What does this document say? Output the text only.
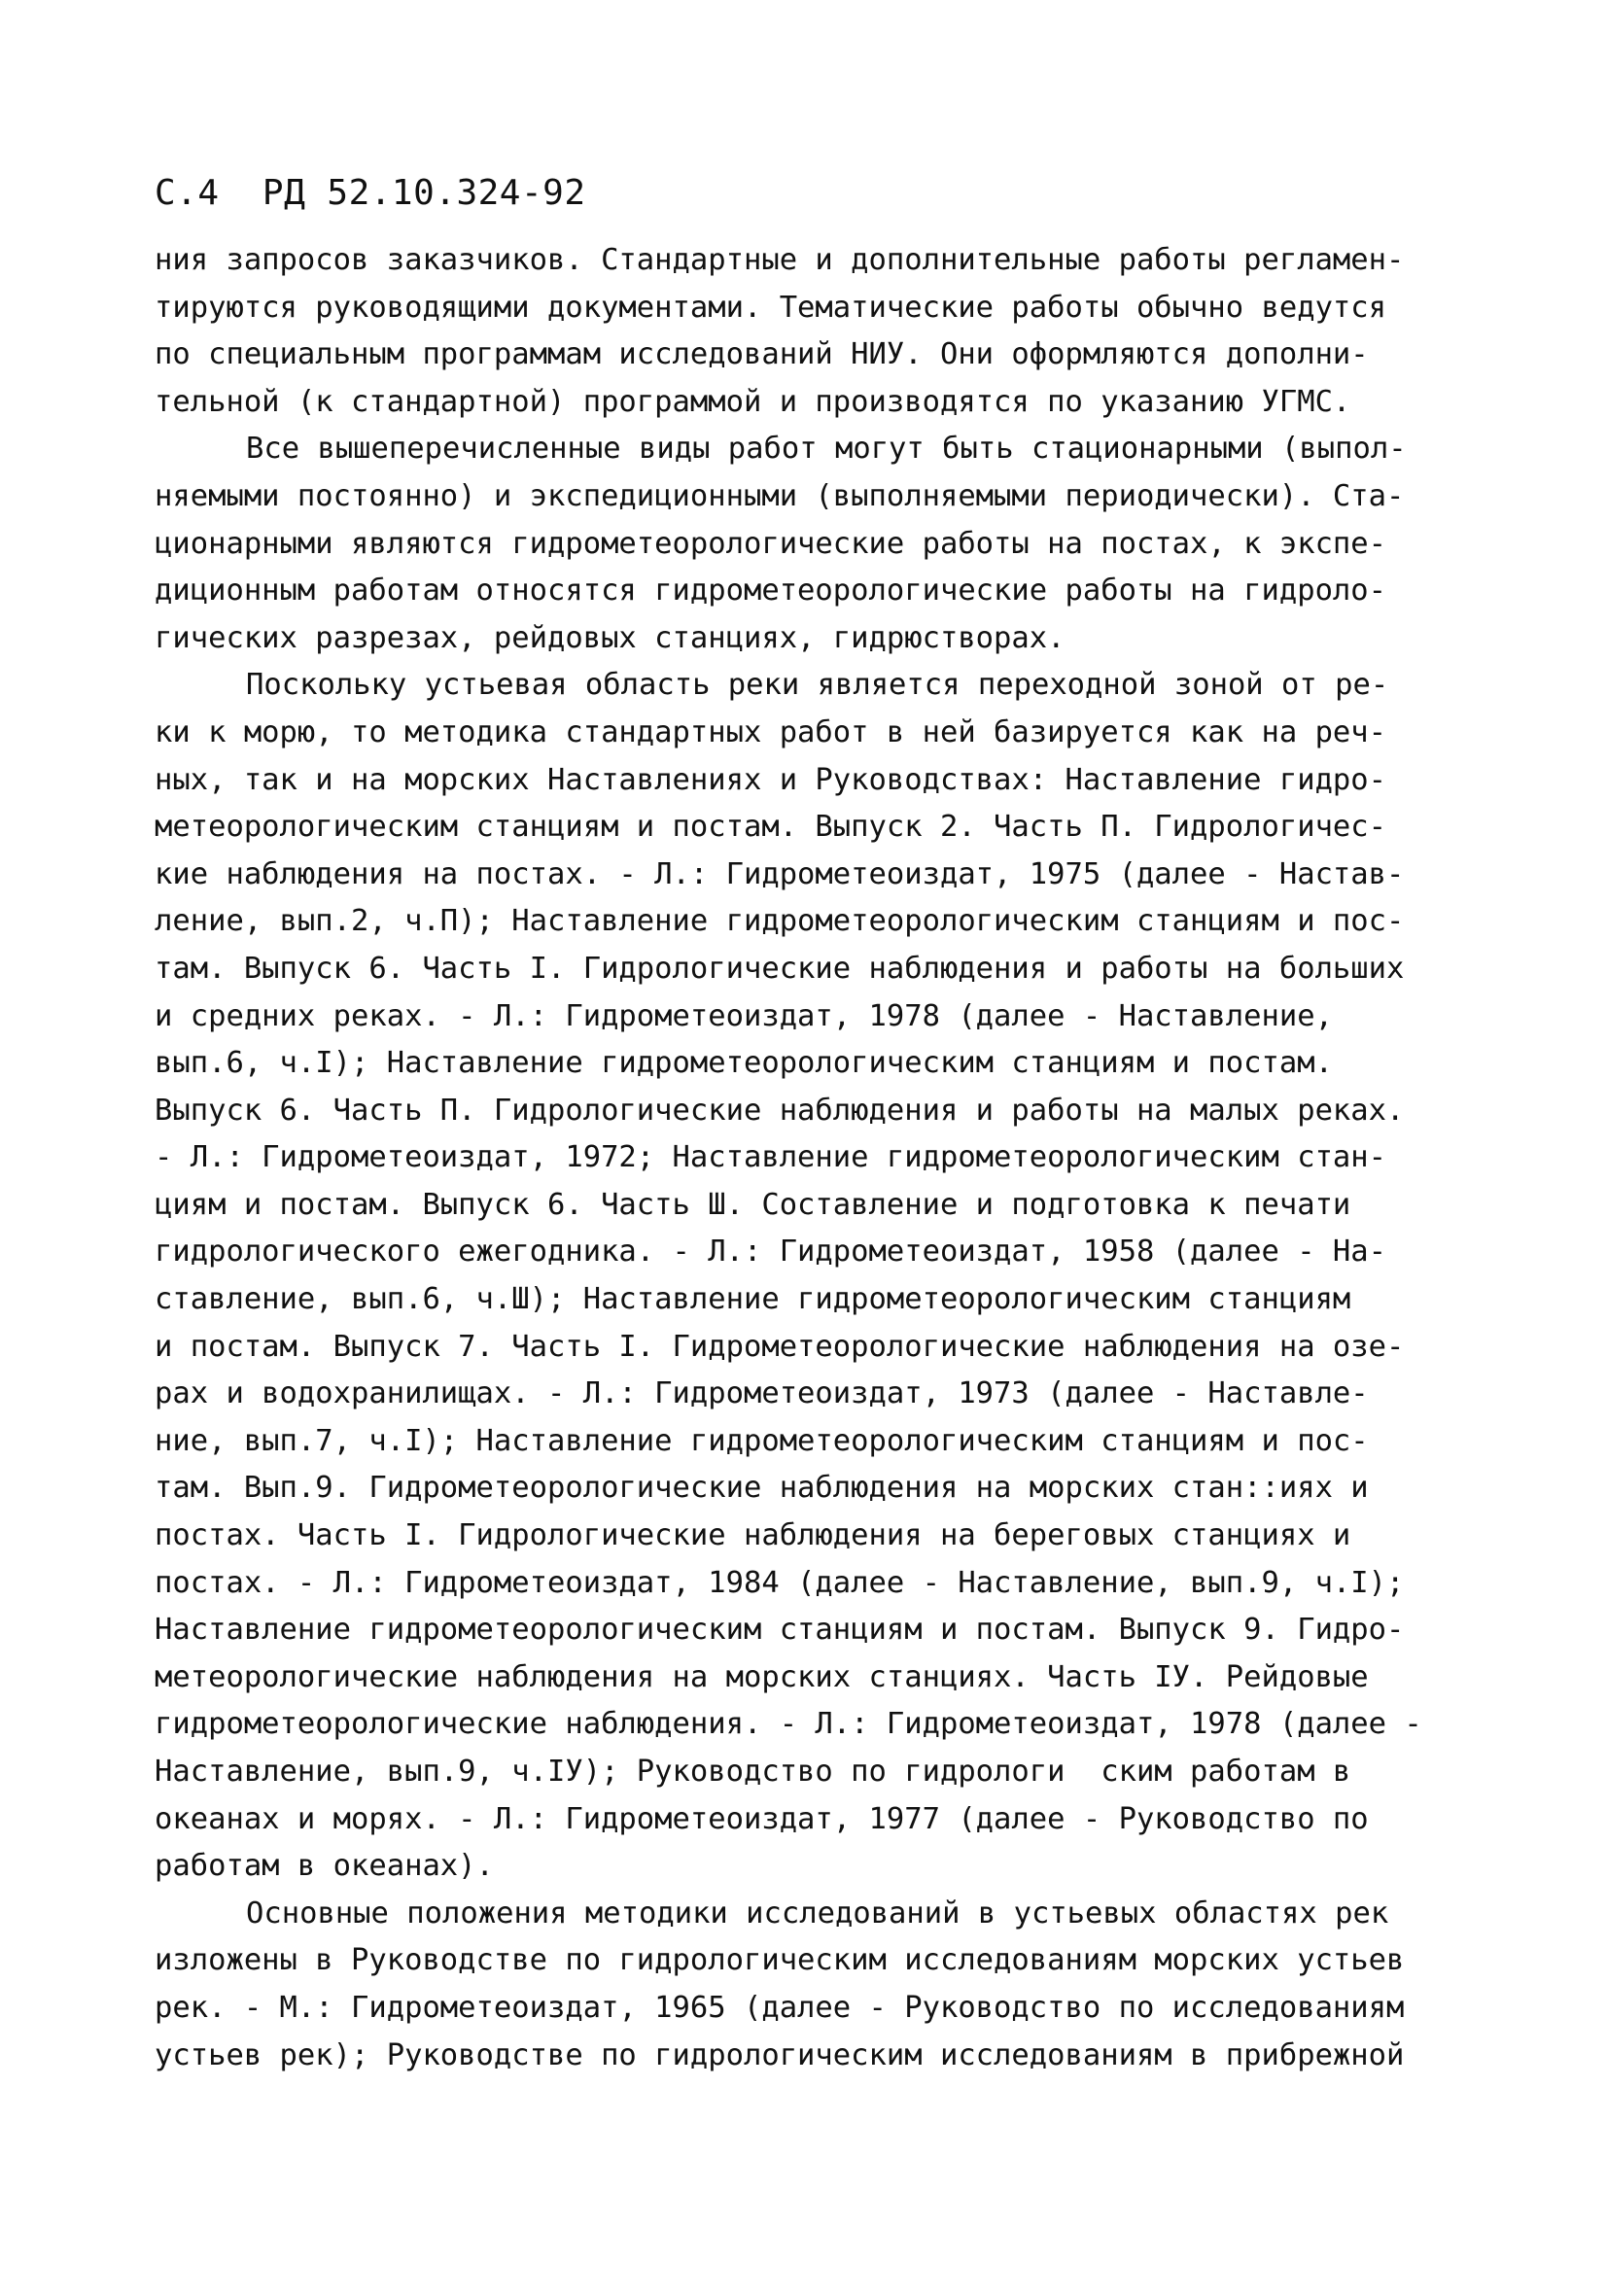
С.4 РД 52.10.324-92
ния запросов заказчиков. Стандартные и дополнительные работы регламен-
тируются руководящими документами. Тематические работы обычно ведутся
по специальным программам исследований НИУ. Они оформляются дополни-
тельной (к стандартной) программой и производятся по указанию УГМС.
Все вышеперечисленные виды работ могут быть стационарными (выпол-
няемыми постоянно) и экспедиционными (выполняемыми периодически). Ста-
ционарными являются гидрометеорологические работы на постах, к экспе-
диционным работам относятся гидрометеорологические работы на гидроло-
гических разрезах, рейдовых станциях, гидрюстворах.
Поскольку устьевая область реки является переходной зоной от ре-
ки к морю, то методика стандартных работ в ней базируется как на реч-
ных, так и на морских Наставлениях и Руководствах: Наставление гидро-
метеорологическим станциям и постам. Выпуск 2. Часть П. Гидрологичес-
кие наблюдения на постах. - Л.: Гидрометеоиздат, 1975 (далее - Настав-
ление, вып.2, ч.П); Наставление гидрометеорологическим станциям и пос-
там. Выпуск 6. Часть I. Гидрологические наблюдения и работы на больших
и средних реках. - Л.: Гидрометеоиздат, 1978 (далее - Наставление,
вып.6, ч.I); Наставление гидрометеорологическим станциям и постам.
Выпуск 6. Часть П. Гидрологические наблюдения и работы на малых реках.
- Л.: Гидрометеоиздат, 1972; Наставление гидрометеорологическим стан-
циям и постам. Выпуск 6. Часть Ш. Составление и подготовка к печати
гидрологического ежегодника. - Л.: Гидрометеоиздат, 1958 (далее - На-
ставление, вып.6, ч.Ш); Наставление гидрометеорологическим станциям
и постам. Выпуск 7. Часть I. Гидрометеорологические наблюдения на озе-
рах и водохранилищах. - Л.: Гидрометеоиздат, 1973 (далее - Наставле-
ние, вып.7, ч.I); Наставление гидрометеорологическим станциям и пос-
там. Вып.9. Гидрометеорологические наблюдения на морских стан::иях и
постах. Часть I. Гидрологические наблюдения на береговых станциях и
постах. - Л.: Гидрометеоиздат, 1984 (далее - Наставление, вып.9, ч.I);
Наставление гидрометеорологическим станциям и постам. Выпуск 9. Гидро-
метеорологические наблюдения на морских станциях. Часть IУ. Рейдовые
гидрометеорологические наблюдения. - Л.: Гидрометеоиздат, 1978 (далее -
Наставление, вып.9, ч.IУ); Руководство по гидрологи  ским работам в
океанах и морях. - Л.: Гидрометеоиздат, 1977 (далее - Руководство по
работам в океанах).
Основные положения методики исследований в устьевых областях рек
изложены в Руководстве по гидрологическим исследованиям морских устьев
рек. - М.: Гидрометеоиздат, 1965 (далее - Руководство по исследованиям
устьев рек); Руководстве по гидрологическим исследованиям в прибрежной
